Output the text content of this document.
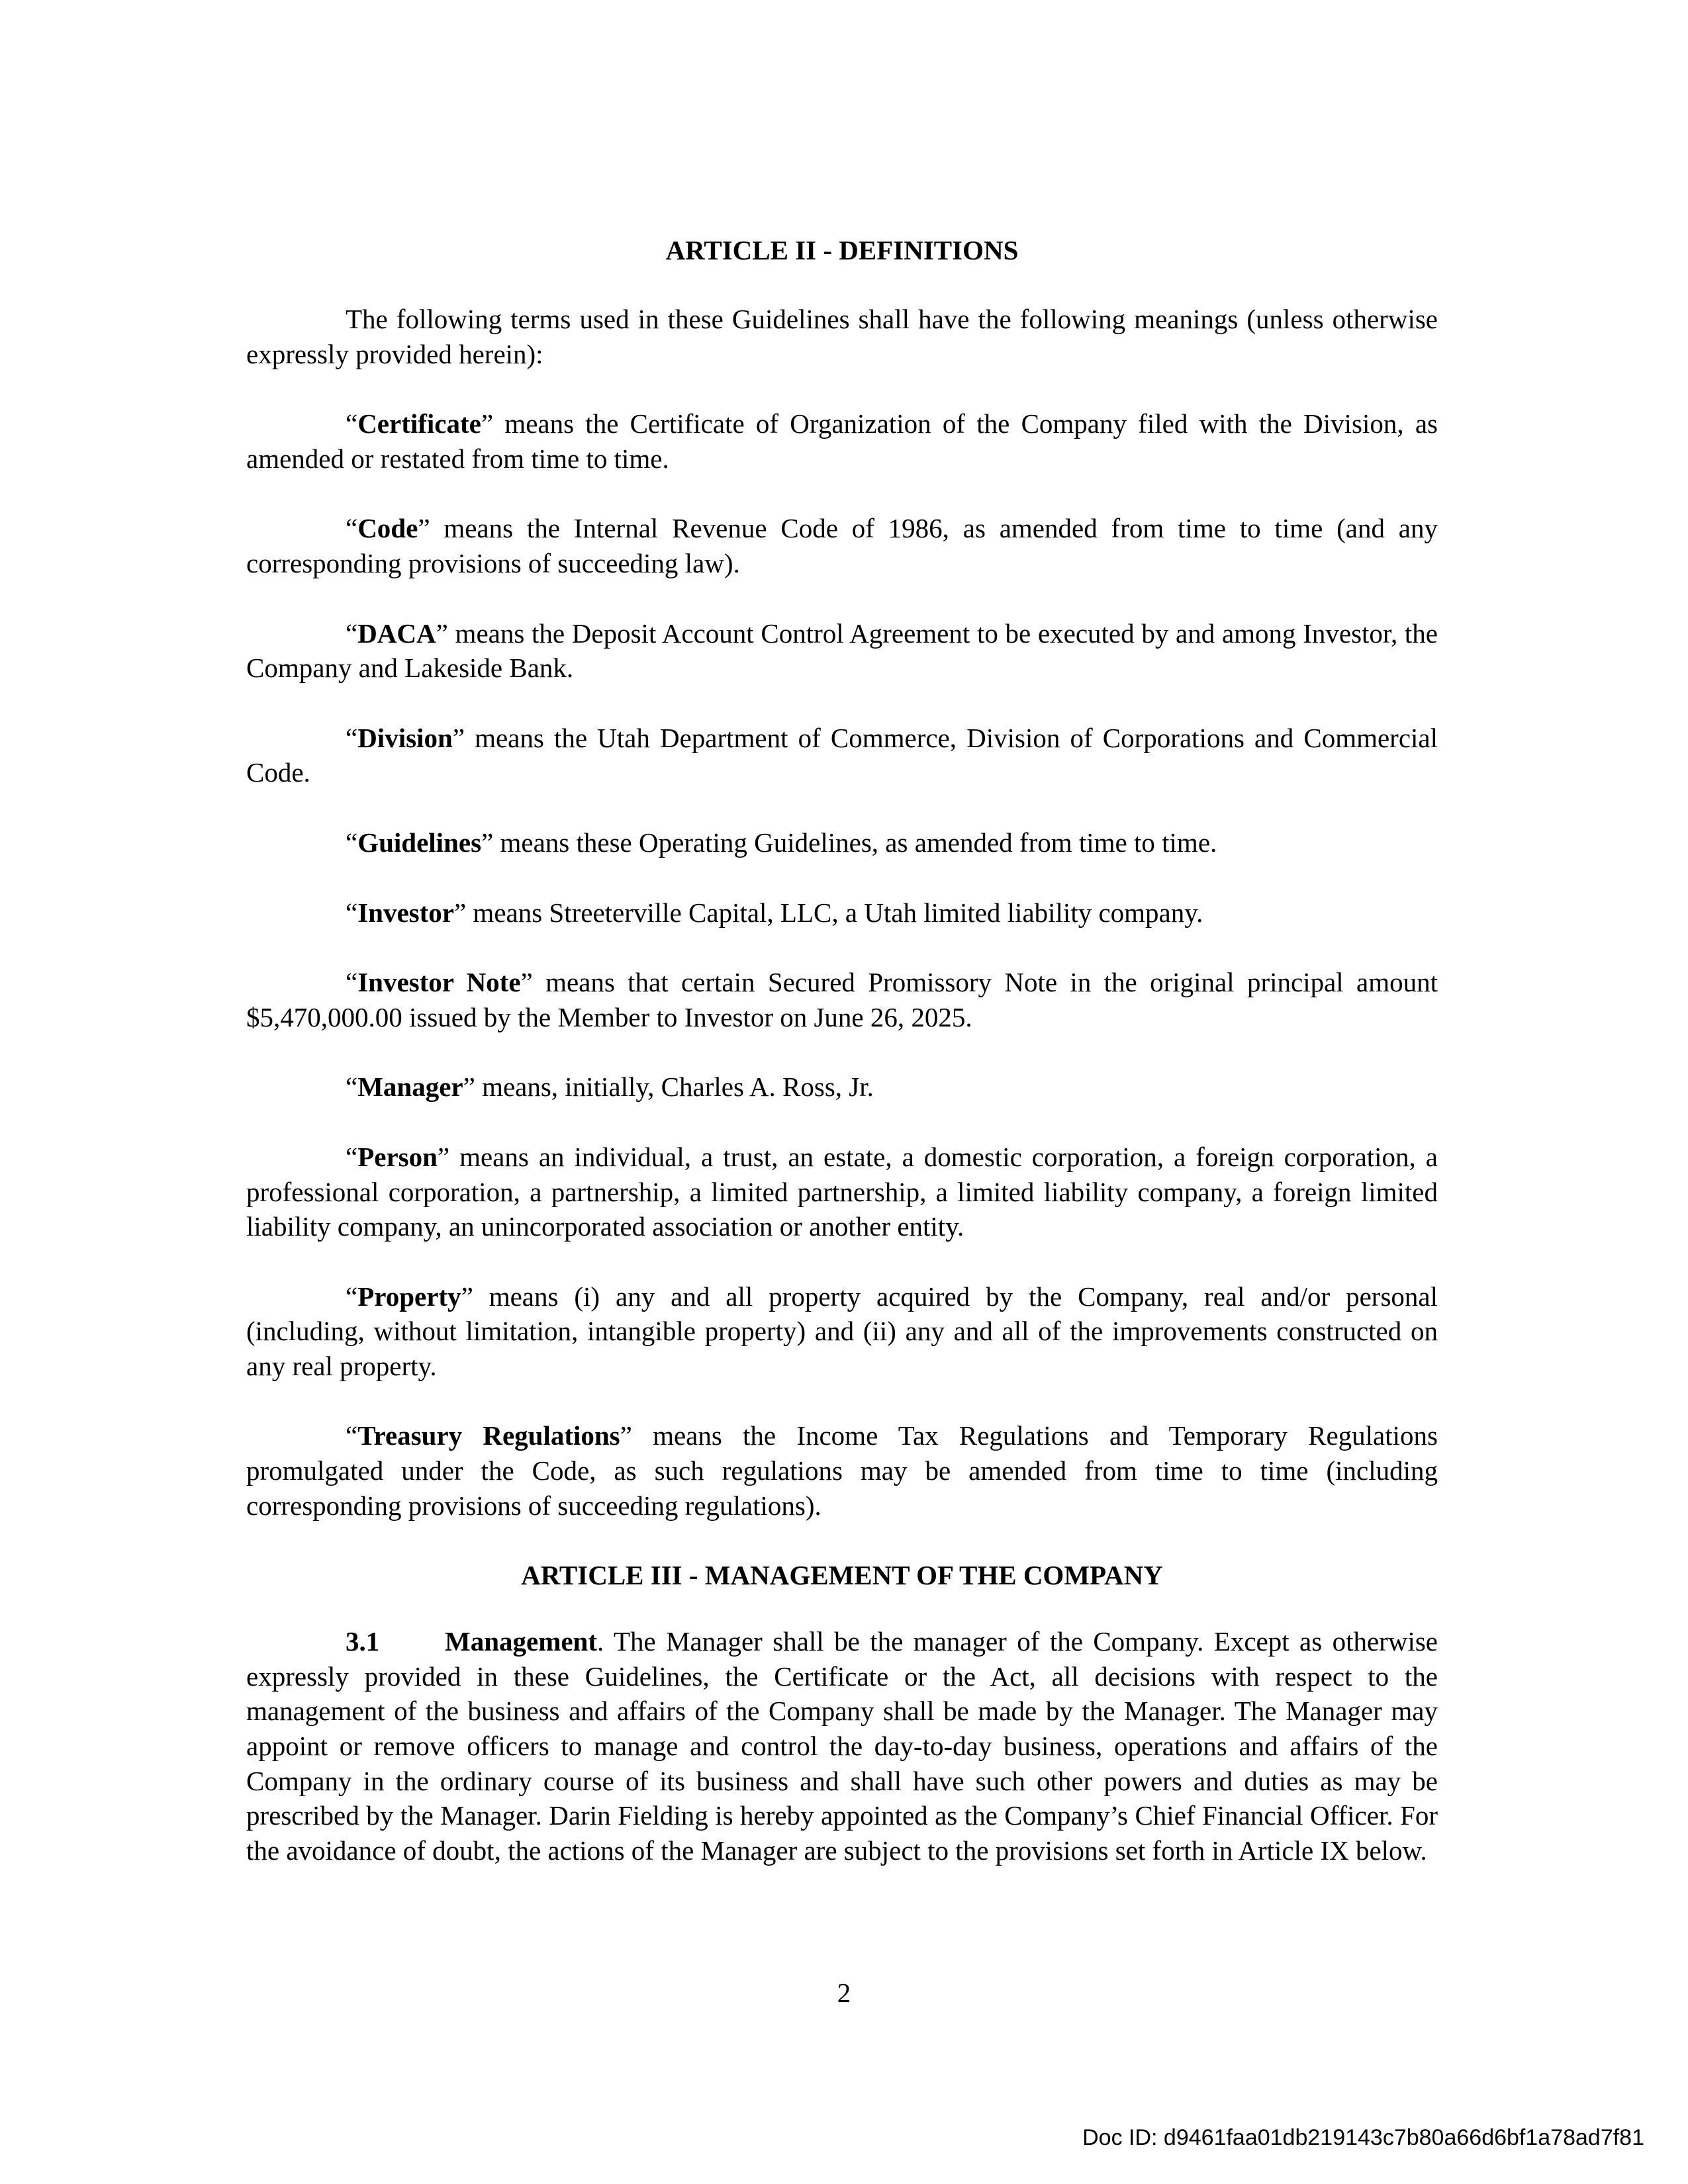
ARTICLE II - DEFINITIONS

The following terms used in these Guidelines shall have the following meanings (unless otherwise expressly provided herein):

“Certificate” means the Certificate of Organization of the Company filed with the Division, as amended or restated from time to time.

“Code” means the Internal Revenue Code of 1986, as amended from time to time (and any corresponding provisions of succeeding law).

“DACA” means the Deposit Account Control Agreement to be executed by and among Investor, the Company and Lakeside Bank.

“Division” means the Utah Department of Commerce, Division of Corporations and Commercial Code.

“Guidelines” means these Operating Guidelines, as amended from time to time.

“Investor” means Streeterville Capital, LLC, a Utah limited liability company.

“Investor Note” means that certain Secured Promissory Note in the original principal amount $5,470,000.00 issued by the Member to Investor on June 26, 2025.

“Manager” means, initially, Charles A. Ross, Jr.

“Person” means an individual, a trust, an estate, a domestic corporation, a foreign corporation, a professional corporation, a partnership, a limited partnership, a limited liability company, a foreign limited liability company, an unincorporated association or another entity.

“Property” means (i) any and all property acquired by the Company, real and/or personal (including, without limitation, intangible property) and (ii) any and all of the improvements constructed on any real property.

“Treasury Regulations” means the Income Tax Regulations and Temporary Regulations promulgated under the Code, as such regulations may be amended from time to time (including corresponding provisions of succeeding regulations).

ARTICLE III - MANAGEMENT OF THE COMPANY

3.1 Management. The Manager shall be the manager of the Company. Except as otherwise expressly provided in these Guidelines, the Certificate or the Act, all decisions with respect to the management of the business and affairs of the Company shall be made by the Manager. The Manager may appoint or remove officers to manage and control the day-to-day business, operations and affairs of the Company in the ordinary course of its business and shall have such other powers and duties as may be prescribed by the Manager. Darin Fielding is hereby appointed as the Company’s Chief Financial Officer. For the avoidance of doubt, the actions of the Manager are subject to the provisions set forth in Article IX below.

2
Doc ID: d9461faa01db219143c7b80a66d6bf1a78ad7f81
